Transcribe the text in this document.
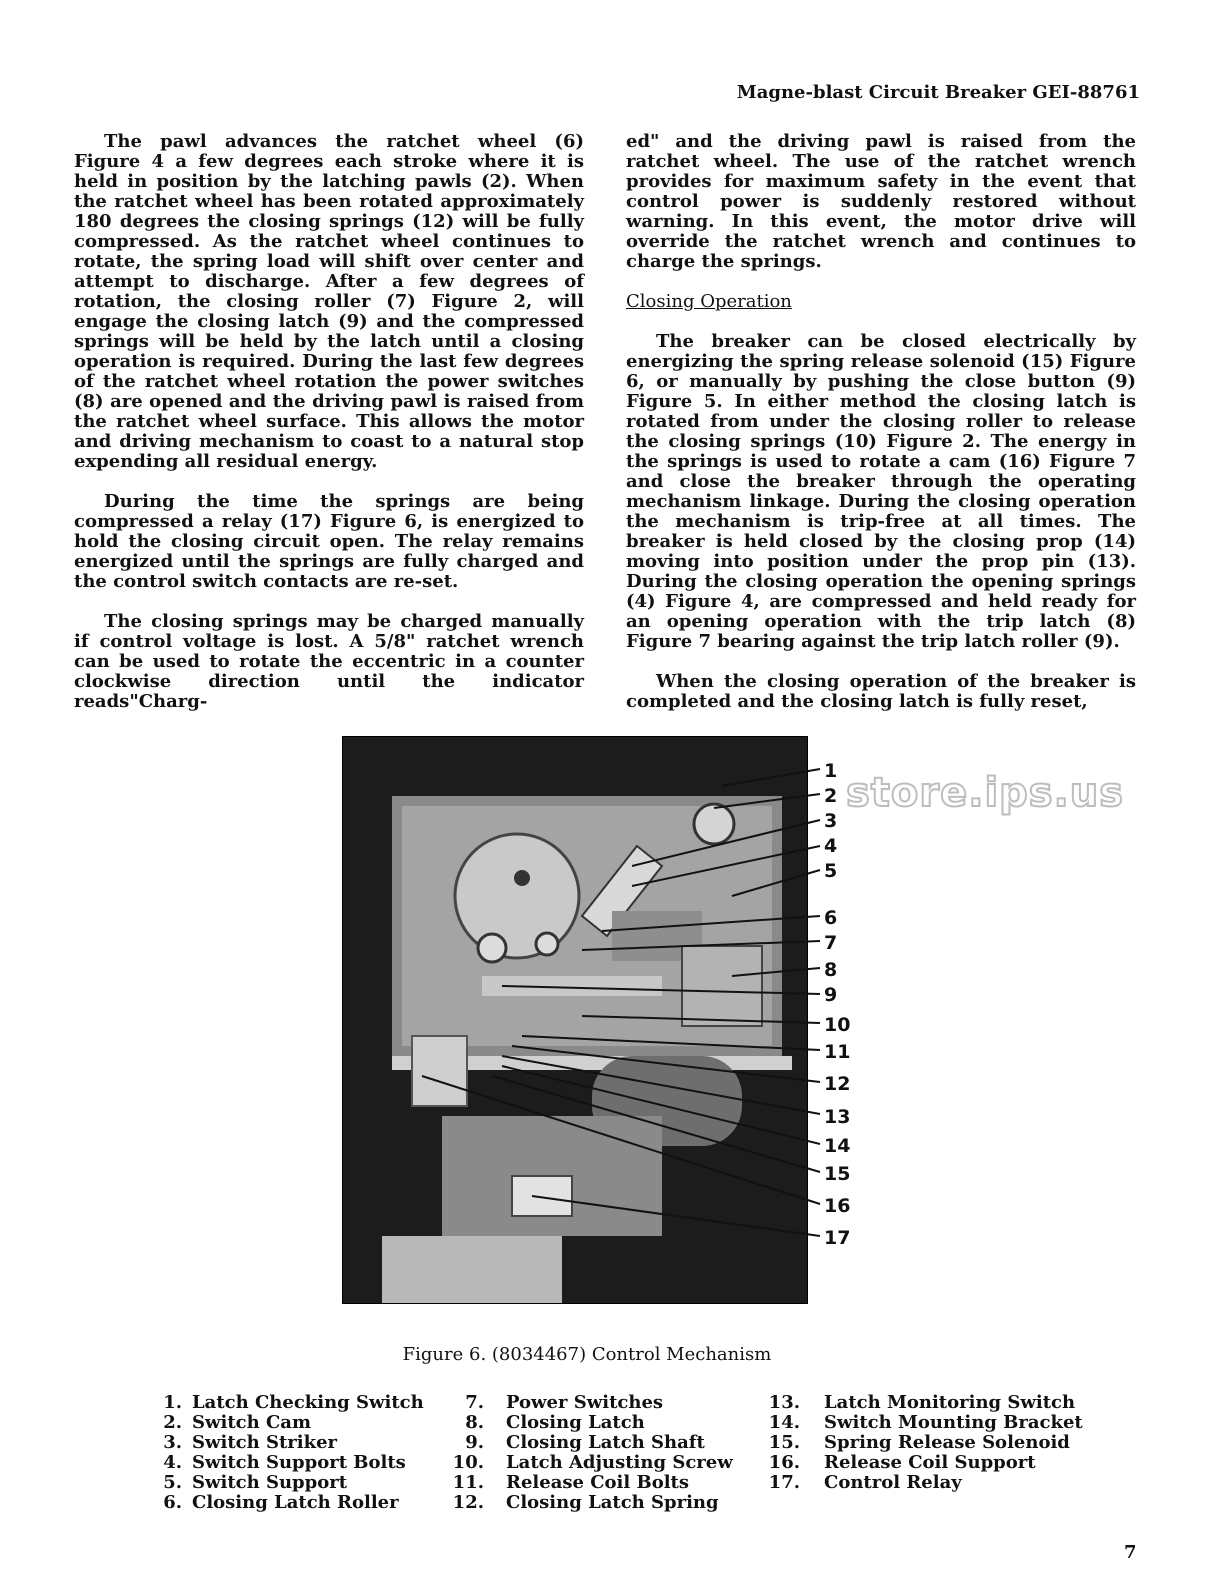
Magne-blast Circuit Breaker GEI-88761

The pawl advances the ratchet wheel (6) Figure 4 a few degrees each stroke where it is held in position by the latching pawls (2). When the ratchet wheel has been rotated approximately 180 degrees the closing springs (12) will be fully compressed. As the ratchet wheel continues to rotate, the spring load will shift over center and attempt to discharge. After a few degrees of rotation, the closing roller (7) Figure 2, will engage the closing latch (9) and the compressed springs will be held by the latch until a closing operation is required. During the last few degrees of the ratchet wheel rotation the power switches (8) are opened and the driving pawl is raised from the ratchet wheel surface. This allows the motor and driving mechanism to coast to a natural stop expending all residual energy.

During the time the springs are being compressed a relay (17) Figure 6, is energized to hold the closing circuit open. The relay remains energized until the springs are fully charged and the control switch contacts are re-set.

The closing springs may be charged manually if control voltage is lost. A 5/8" ratchet wrench can be used to rotate the eccentric in a counter clockwise direction until the indicator reads"Charg-

ed" and the driving pawl is raised from the ratchet wheel. The use of the ratchet wrench provides for maximum safety in the event that control power is suddenly restored without warning. In this event, the motor drive will override the ratchet wrench and continues to charge the springs.

Closing Operation

The breaker can be closed electrically by energizing the spring release solenoid (15) Figure 6, or manually by pushing the close button (9) Figure 5. In either method the closing latch is rotated from under the closing roller to release the closing springs (10) Figure 2. The energy in the springs is used to rotate a cam (16) Figure 7 and close the breaker through the operating mechanism linkage. During the closing operation the mechanism is trip-free at all times. The breaker is held closed by the closing prop (14) moving into position under the prop pin (13). During the closing operation the opening springs (4) Figure 4, are compressed and held ready for an opening operation with the trip latch (8) Figure 7 bearing against the trip latch roller (9).

When the closing operation of the breaker is completed and the closing latch is fully reset,

1
2
3
4
5
6
7
8
9
10
11
12
13
14
15
16
17
store.ips.us
Figure 6. (8034467) Control Mechanism
1. Latch Checking Switch
2. Switch Cam
3. Switch Striker
4. Switch Support Bolts
5. Switch Support
6. Closing Latch Roller
7. Power Switches
8. Closing Latch
9. Closing Latch Shaft
10. Latch Adjusting Screw
11. Release Coil Bolts
12. Closing Latch Spring
13. Latch Monitoring Switch
14. Switch Mounting Bracket
15. Spring Release Solenoid
16. Release Coil Support
17. Control Relay
7
